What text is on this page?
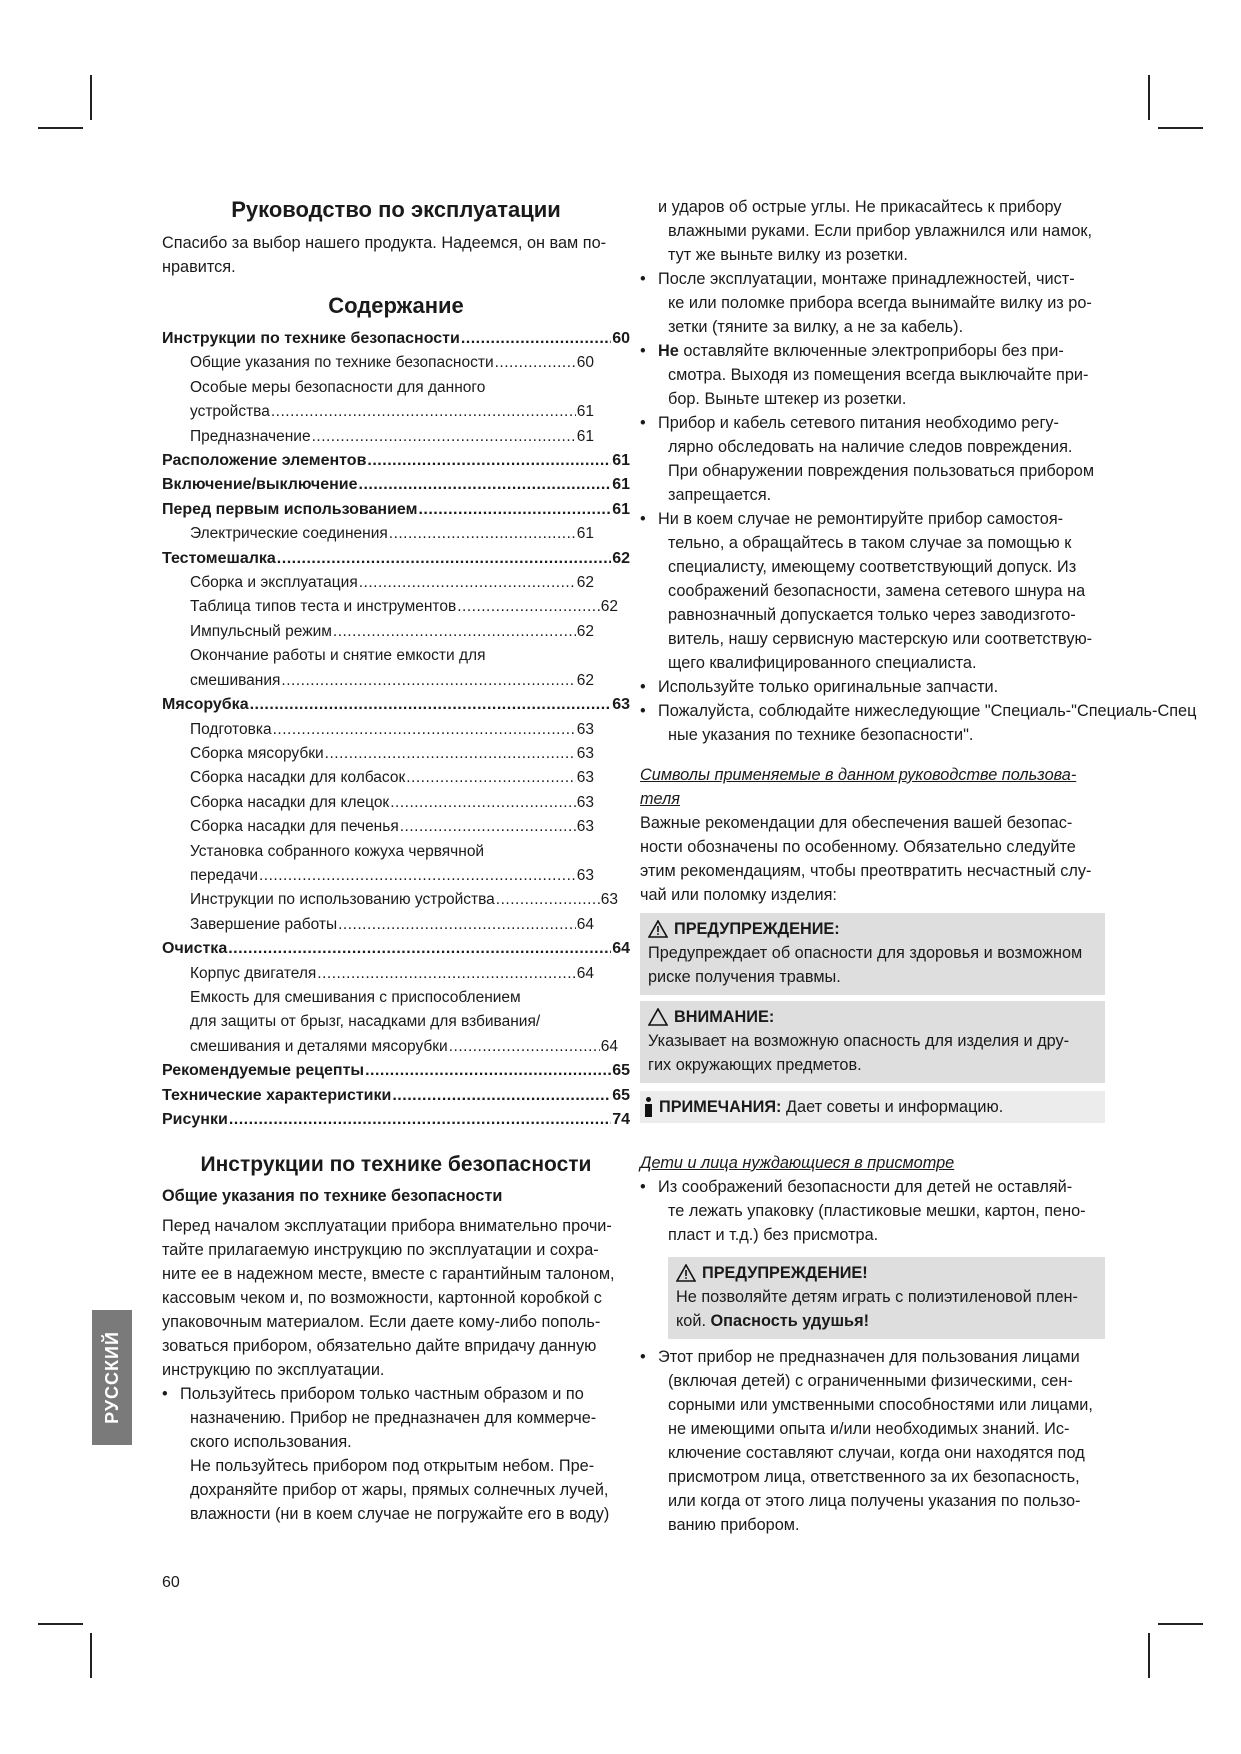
РУССКИЙ
Руководство по эксплуатации

Спасибо за выбор нашего продукта. Надеемся, он вам по-

нравится.

Содержание
Инструкции по технике безопасности .....	60
Общие указания по технике безопасности .....	60
Особые меры безопасности для данного
устройства .....	61
Предназначение .....	61
Расположение элементов .....	61
Включение/выключение .....	61
Перед первым использованием .....	61
Электрические соединения .....	61
Тестомешалка .....	62
Сборка и эксплуатация .....	62
Таблица типов теста и инструментов .....	62
Импульсный режим .....	62
Окончание работы и снятие емкости для
смешивания .....	62
Мясорубка .....	63
Подготовка .....	63
Сборка мясорубки .....	63
Сборка насадки для колбасок .....	63
Сборка насадки для клецок .....	63
Сборка насадки для печенья .....	63
Установка собранного кожуха червячной
передачи .....	63
Инструкции по использованию устройства .....	63
Завершение работы .....	64
Очистка .....	64
Корпус двигателя .....	64
Емкость для смешивания с приспособлением
для защиты от брызг, насадками для взбивания/
смешивания и деталями мясорубки .....	64
Рекомендуемые рецепты .....	65
Технические характеристики .....	65
Рисунки .....	74
Инструкции по технике безопасности
Общие указания по технике безопасности

Перед началом эксплуатации прибора внимательно прочи-

тайте прилагаемую инструкцию по эксплуатации и сохра-

ните ее в надежном месте, вместе с гарантийным талоном,

кассовым чеком и, по возможности, картонной коробкой с

упаковочным материалом. Если даете кому-либо пополь-

зоваться прибором, обязательно дайте впридачу данную

инструкцию по эксплуатации.

• Пользуйтесь прибором только частным образом и по
назначению. Прибор не предназначен для коммерче-
ского использования.
Не пользуйтесь прибором под открытым небом. Пре-
дохраняйте прибор от жары, прямых солнечных лучей,
влажности (ни в коем случае не погружайте его в воду)

и ударов об острые углы. Не прикасайтесь к прибору

влажными руками. Если прибор увлажнился или намок,

тут же выньте вилку из розетки.

• После эксплуатации, монтаже принадлежностей, чист-
ке или поломке прибора всегда вынимайте вилку из ро-
зетки (тяните за вилку, а не за кабель).
• Не оставляйте включенные электроприборы без при-
смотра. Выходя из помещения всегда выключайте при-
бор. Выньте штекер из розетки.
• Прибор и кабель сетевого питания необходимо регу-
лярно обследовать на наличие следов повреждения.
При обнаружении повреждения пользоваться прибором
запрещается.
• Ни в коем случае не ремонтируйте прибор самостоя-
тельно, а обращайтесь в таком случае за помощью к
специалисту, имеющему соответствующий допуск. Из
соображений безопасности, замена сетевого шнура на
равнозначный допускается только через заводизгото-
витель, нашу сервисную мастерскую или соответствую-
щего квалифицированного специалиста.
• Используйте только оригинальные запчасти.
• Пожалуйста, соблюдайте нижеследующие "Специаль-"Специаль-Спец
ные указания по технике безопасности".

Символы применяемые в данном руководстве пользова-

теля

Важные рекомендации для обеспечения вашей безопас-

ности обозначены по особенному. Обязательно следуйте

этим рекомендациям, чтобы преотвратить несчастный слу-

чай или поломку изделия:

ПРЕДУПРЕЖДЕНИЕ:

Предупреждает об опасности для здоровья и возможном

риске получения травмы.

ВНИМАНИЕ:

Указывает на возможную опасность для изделия и дру-

гих окружающих предметов.

ПРИМЕЧАНИЯ: Дает советы и информацию.

Дети и лица нуждающиеся в присмотре

• Из соображений безопасности для детей не оставляй-
те лежать упаковку (пластиковые мешки, картон, пено-
пласт и т.д.) без присмотра.
ПРЕДУПРЕЖДЕНИЕ!

Не позволяйте детям играть с полиэтиленовой плен-

кой. Опасность удушья!

• Этот прибор не предназначен для пользования лицами
(включая детей) с ограниченными физическими, сен-
сорными или умственными способностями или лицами,
не имеющими опыта и/или необходимых знаний. Ис-
ключение составляют случаи, когда они находятся под
присмотром лица, ответственного за их безопасность,
или когда от этого лица получены указания по пользо-
ванию прибором.
60
